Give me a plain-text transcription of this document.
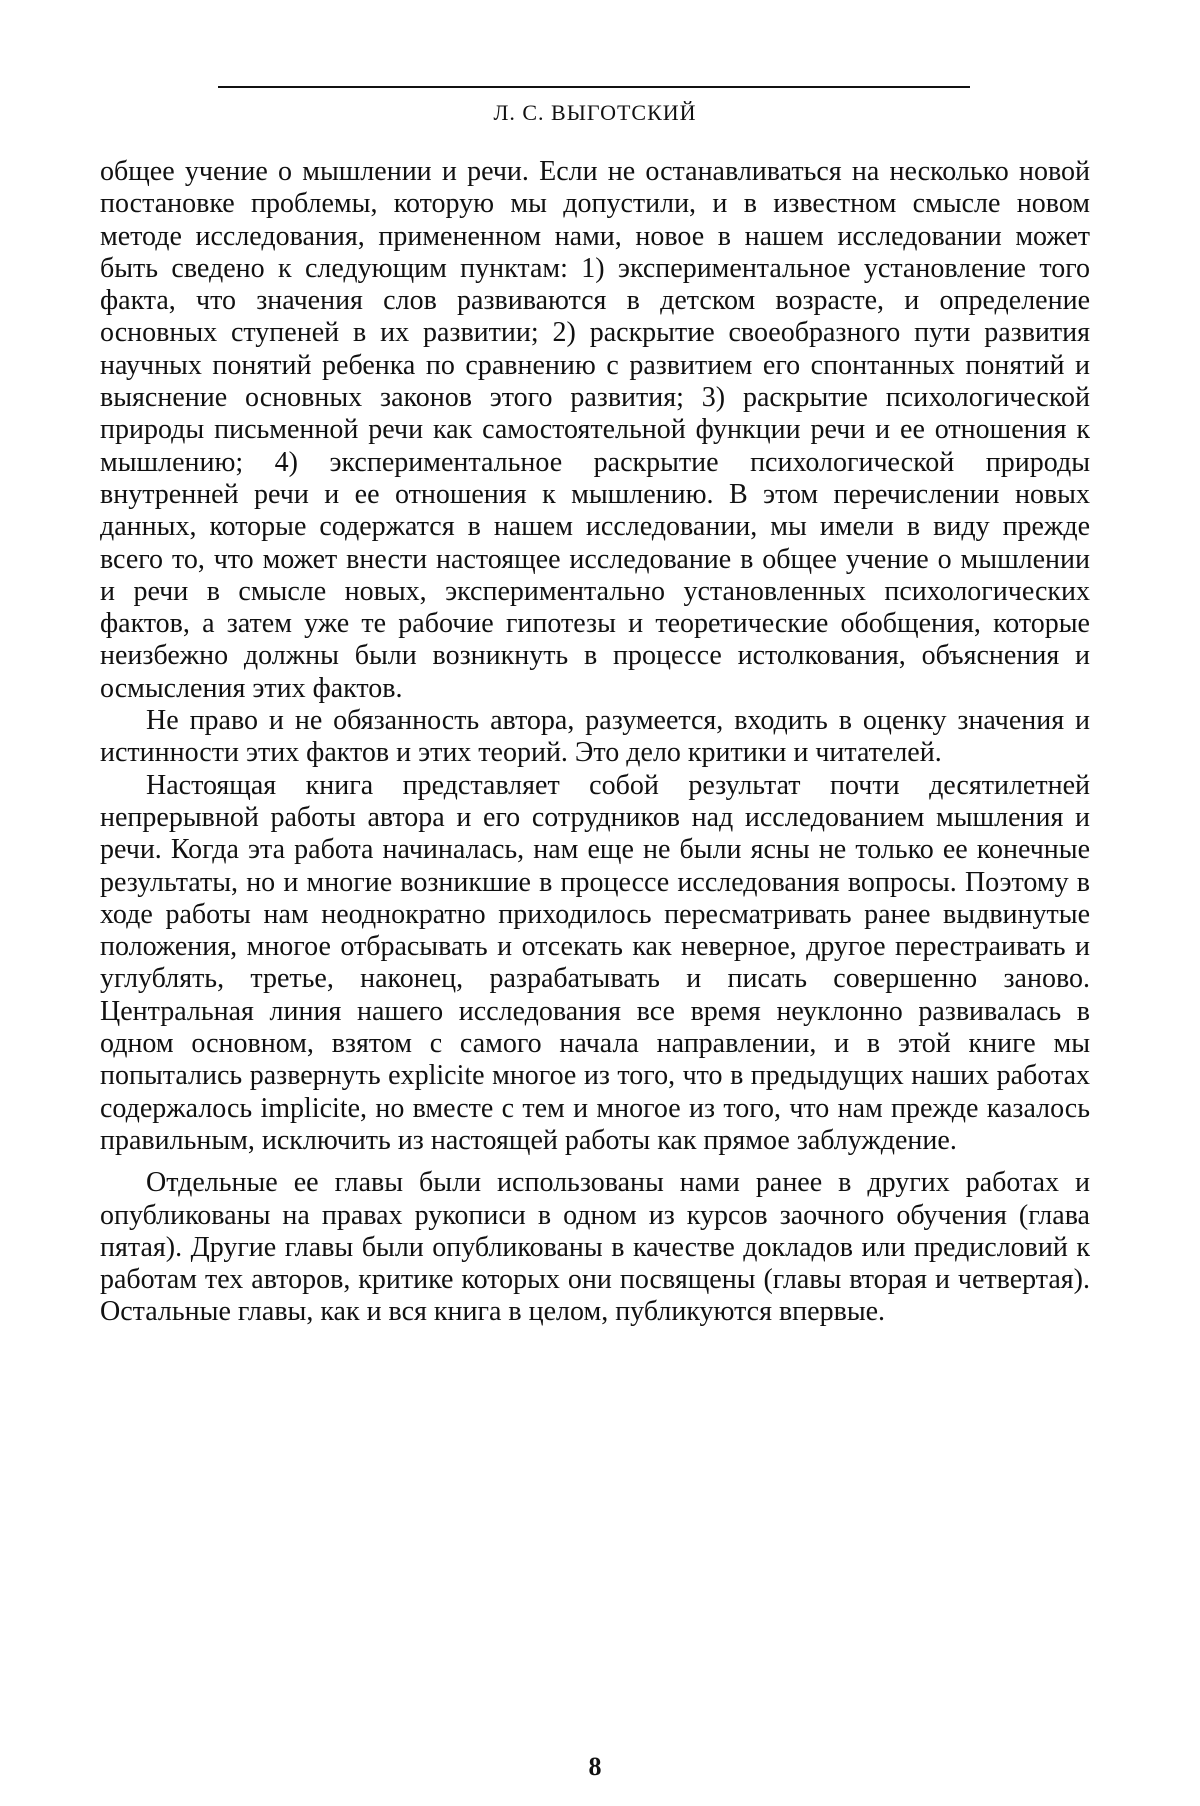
Л. С. ВЫГОТСКИЙ

общее учение о мышлении и речи. Если не останавливаться на несколько новой постановке проблемы, которую мы допустили, и в известном смысле новом методе исследования, примененном нами, новое в нашем исследовании может быть сведено к следующим пунктам: 1) экспериментальное установление того факта, что значения слов развиваются в детском возрасте, и определение основных ступеней в их развитии; 2) раскрытие своеобразного пути развития научных понятий ребенка по сравнению с развитием его спонтанных понятий и выяснение основных законов этого развития; 3) раскрытие психологической природы письменной речи как самостоятельной функции речи и ее отношения к мышлению; 4) экспериментальное раскрытие психологической природы внутренней речи и ее отношения к мышлению. В этом перечислении новых данных, которые содержатся в нашем исследовании, мы имели в виду прежде всего то, что может внести настоящее исследование в общее учение о мышлении и речи в смысле новых, экспериментально установленных психологических фактов, а затем уже те рабочие гипотезы и теоретические обобщения, которые неизбежно должны были возникнуть в процессе истолкования, объяснения и осмысления этих фактов.

Не право и не обязанность автора, разумеется, входить в оценку значения и истинности этих фактов и этих теорий. Это дело критики и читателей.

Настоящая книга представляет собой результат почти десятилетней непрерывной работы автора и его сотрудников над исследованием мышления и речи. Когда эта работа начиналась, нам еще не были ясны не только ее конечные результаты, но и многие возникшие в процессе исследования вопросы. Поэтому в ходе работы нам неоднократно приходилось пересматривать ранее выдвинутые положения, многое отбрасывать и отсекать как неверное, другое перестраивать и углублять, третье, наконец, разрабатывать и писать совершенно заново. Центральная линия нашего исследования все время неуклонно развивалась в одном основном, взятом с самого начала направлении, и в этой книге мы попытались развернуть explicite многое из того, что в предыдущих наших работах содержалось implicite, но вместе с тем и многое из того, что нам прежде казалось правильным, исключить из настоящей работы как прямое заблуждение.

Отдельные ее главы были использованы нами ранее в других работах и опубликованы на правах рукописи в одном из курсов заочного обучения (глава пятая). Другие главы были опубликованы в качестве докладов или предисловий к работам тех авторов, критике которых они посвящены (главы вторая и четвертая). Остальные главы, как и вся книга в целом, публикуются впервые.

8
